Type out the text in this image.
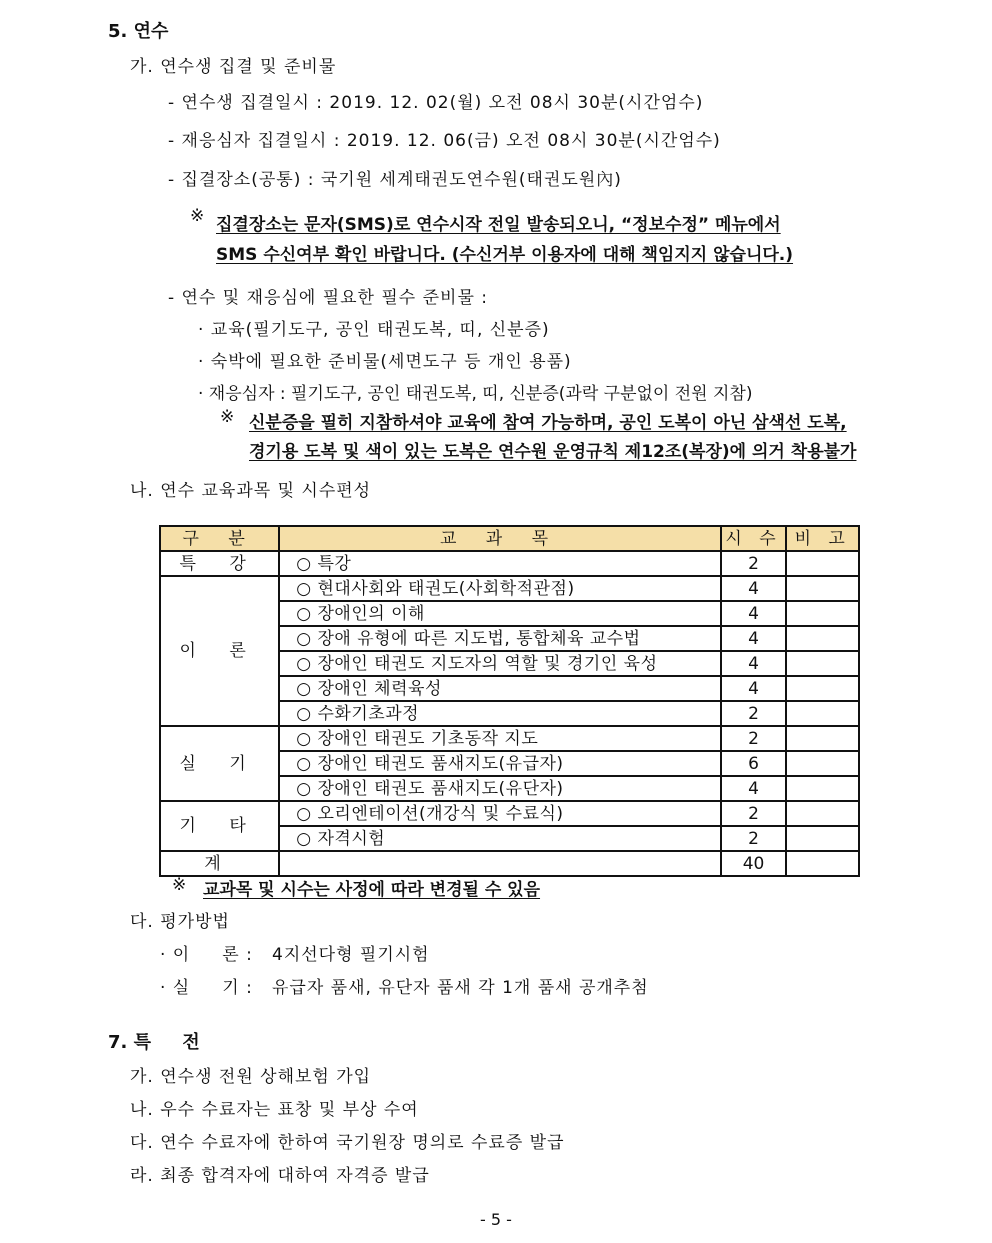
5. 연수
가. 연수생 집결 및 준비물
- 연수생 집결일시 : 2019. 12. 02(월) 오전 08시 30분(시간엄수)
- 재응심자 집결일시 : 2019. 12. 06(금) 오전 08시 30분(시간엄수)
- 집결장소(공통) : 국기원 세계태권도연수원(태권도원內)
※ 집결장소는 문자(SMS)로 연수시작 전일 발송되오니, “정보수정” 메뉴에서
SMS 수신여부 확인 바랍니다. (수신거부 이용자에 대해 책임지지 않습니다.)
- 연수 및 재응심에 필요한 필수 준비물 :
· 교육(필기도구, 공인 태권도복, 띠, 신분증)
· 숙박에 필요한 준비물(세면도구 등 개인 용품)
· 재응심자 : 필기도구, 공인 태권도복, 띠, 신분증(과락 구분없이 전원 지참)
※ 신분증을 필히 지참하셔야 교육에 참여 가능하며, 공인 도복이 아닌 삼색선 도복,
경기용 도복 및 색이 있는 도복은 연수원 운영규칙 제12조(복장)에 의거 착용불가
나. 연수 교육과목 및 시수편성
구 분	교 과 목	시 수	비 고
특 강	○ 특강	2	
이 론	○ 현대사회와 태권도(사회학적관점)	4	
	○ 장애인의 이해	4	
	○ 장애 유형에 따른 지도법, 통합체육 교수법	4	
	○ 장애인 태권도 지도자의 역할 및 경기인 육성	4	
	○ 장애인 체력육성	4	
	○ 수화기초과정	2	
실 기	○ 장애인 태권도 기초동작 지도	2	
	○ 장애인 태권도 품새지도(유급자)	6	
	○ 장애인 태권도 품새지도(유단자)	4	
기 타	○ 오리엔테이션(개강식 및 수료식)	2	
	○ 자격시험	2	
계		40	
※ 교과목 및 시수는 사정에 따라 변경될 수 있음
다. 평가방법
· 이     론 :   4지선다형 필기시험
· 실     기 :   유급자 품새, 유단자 품새 각 1개 품새 공개추첨
7. 특     전
가. 연수생 전원 상해보험 가입
나. 우수 수료자는 표창 및 부상 수여
다. 연수 수료자에 한하여 국기원장 명의로 수료증 발급
라. 최종 합격자에 대하여 자격증 발급
- 5 -
